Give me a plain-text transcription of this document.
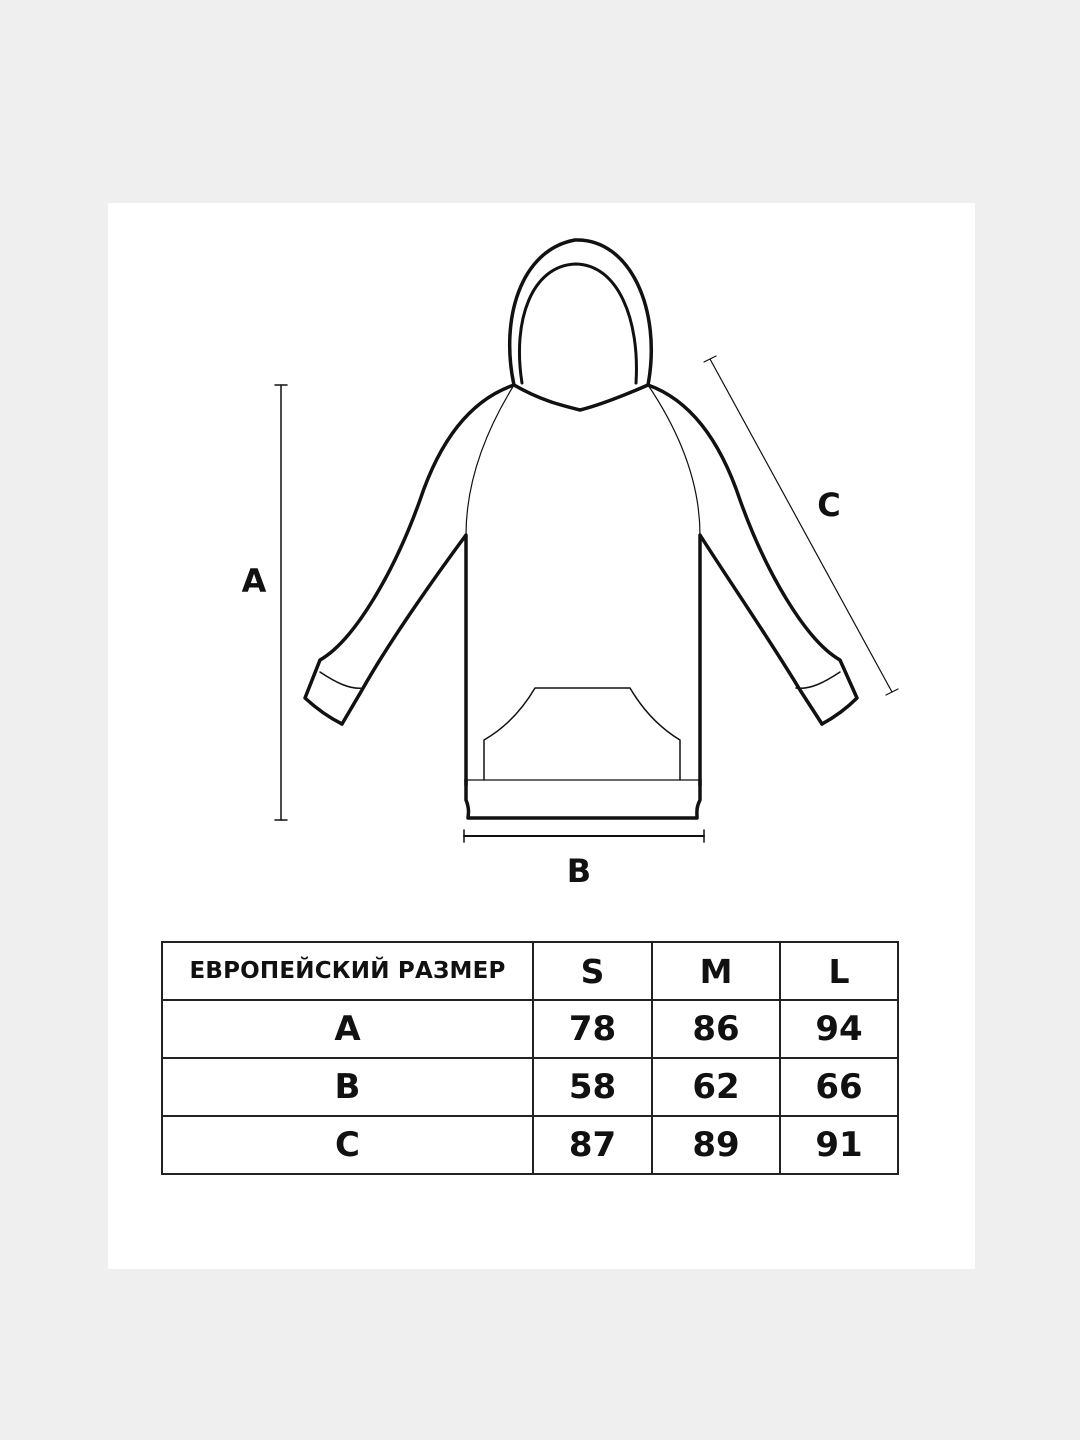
A
B
C
ЕВРОПЕЙСКИЙ РАЗМЕР	S	M	L
A	78	86	94
B	58	62	66
C	87	89	91
